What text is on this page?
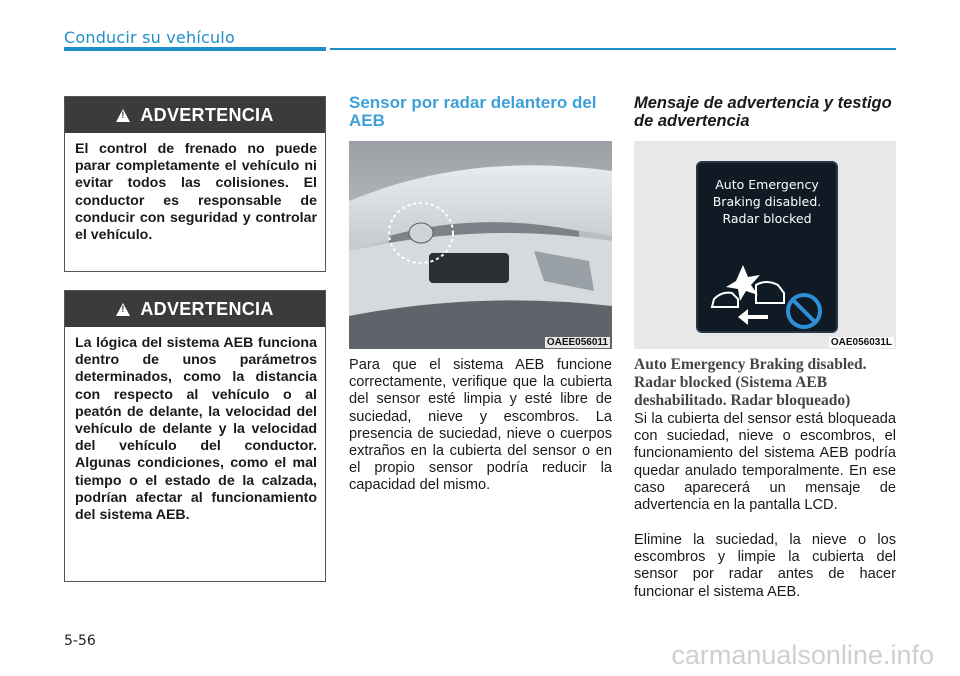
Conducir su vehículo
!
ADVERTENCIA
El control de frenado no puede parar completamente el vehículo ni evitar todos las colisiones. El conductor es responsable de conducir con seguridad y controlar el vehículo.
!
ADVERTENCIA
La lógica del sistema AEB funciona dentro de unos parámetros determinados, como la distancia con respecto al vehículo o al peatón de delante, la velocidad del vehículo de delante y la velocidad del vehículo del conductor. Algunas condiciones, como el mal tiempo o el estado de la calzada, podrían afectar al funcionamiento del sistema AEB.
Sensor por radar delantero del AEB
OAEE056011
Para que el sistema AEB funcione correctamente, verifique que la cubierta del sensor esté limpia y esté libre de suciedad, nieve y escombros. La presencia de suciedad, nieve o cuerpos extraños en la cubierta del sensor o en el propio sensor podría reducir la capacidad del mismo.
Mensaje de advertencia y testigo de advertencia
Auto Emergency
Braking disabled.
Radar blocked
OAE056031L
Auto Emergency Braking disabled. Radar blocked (Sistema AEB deshabilitado. Radar bloqueado)
Si la cubierta del sensor está bloqueada con suciedad, nieve o escombros, el funcionamiento del sistema AEB podría quedar anulado temporalmente. En ese caso aparecerá un mensaje de advertencia en la pantalla LCD.
Elimine la suciedad, la nieve o los escombros y limpie la cubierta del sensor por radar antes de hacer funcionar el sistema AEB.
5-56	carmanualsonline.info
